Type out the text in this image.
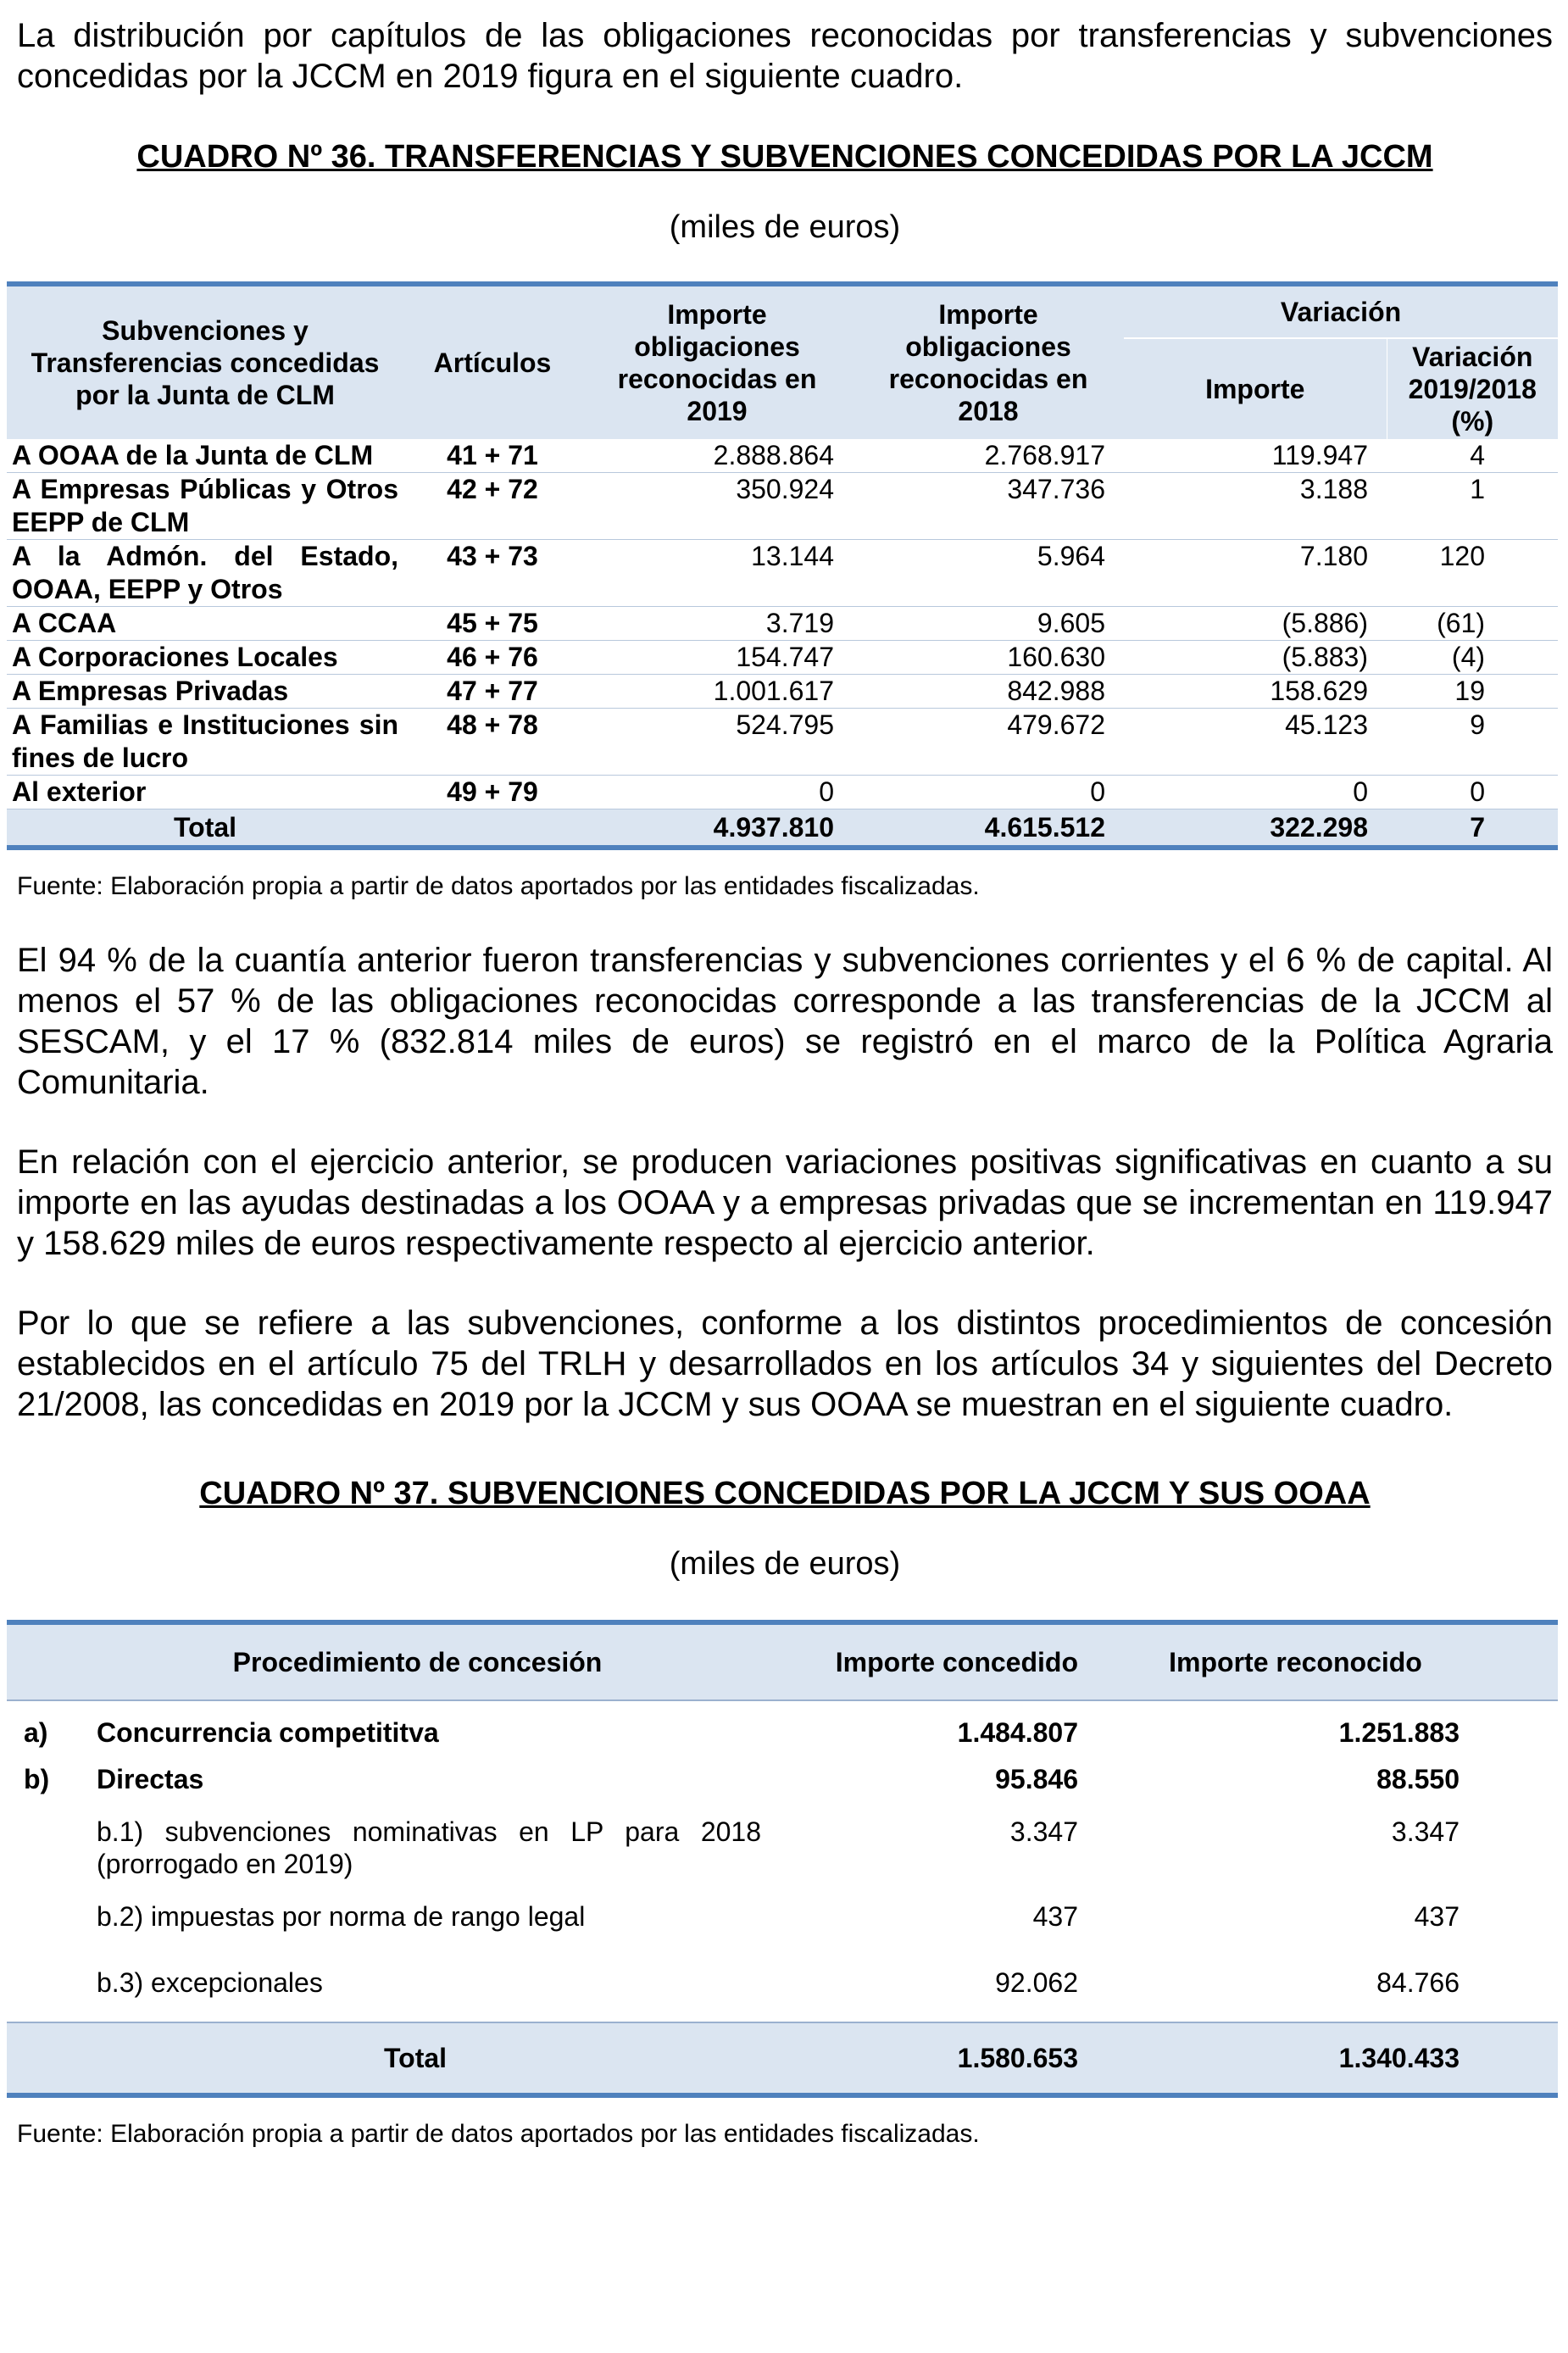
La distribución por capítulos de las obligaciones reconocidas por transferencias y subvenciones concedidas por la JCCM en 2019 figura en el siguiente cuadro.

CUADRO Nº 36. TRANSFERENCIAS Y SUBVENCIONES CONCEDIDAS POR LA JCCM

(miles de euros)

Subvenciones y Transferencias concedidas por la Junta de CLM	Artículos	Importe obligaciones reconocidas en 2019	Importe obligaciones reconocidas en 2018	Variación	
				Importe	Variación 2019/2018 (%)
A OOAA de la Junta de CLM	41 + 71	2.888.864	2.768.917	119.947	4
A Empresas Públicas y Otros EEPP de CLM	42 + 72	350.924	347.736	3.188	1
A la Admón. del Estado, OOAA, EEPP y Otros	43 + 73	13.144	5.964	7.180	120
A CCAA	45 + 75	3.719	9.605	(5.886)	(61)
A Corporaciones Locales	46 + 76	154.747	160.630	(5.883)	(4)
A Empresas Privadas	47 + 77	1.001.617	842.988	158.629	19
A Familias e Instituciones sin fines de lucro	48 + 78	524.795	479.672	45.123	9
Al exterior	49 + 79	0	0	0	0
Total		4.937.810	4.615.512	322.298	7

Fuente: Elaboración propia a partir de datos aportados por las entidades fiscalizadas.

El 94 % de la cuantía anterior fueron transferencias y subvenciones corrientes y el 6 % de capital. Al menos el 57 % de las obligaciones reconocidas corresponde a las transferencias de la JCCM al SESCAM, y el 17 % (832.814 miles de euros) se registró en el marco de la Política Agraria Comunitaria.

En relación con el ejercicio anterior, se producen variaciones positivas significativas en cuanto a su importe en las ayudas destinadas a los OOAA y a empresas privadas que se incrementan en 119.947 y 158.629 miles de euros respectivamente respecto al ejercicio anterior.

Por lo que se refiere a las subvenciones, conforme a los distintos procedimientos de concesión establecidos en el artículo 75 del TRLH y desarrollados en los artículos 34 y siguientes del Decreto 21/2008, las concedidas en 2019 por la JCCM y sus OOAA se muestran en el siguiente cuadro.

CUADRO Nº 37. SUBVENCIONES CONCEDIDAS POR LA JCCM Y SUS OOAA

(miles de euros)

Procedimiento de concesión		Importe concedido	Importe reconocido
a)	Concurrencia competititva	1.484.807	1.251.883
b)	Directas	95.846	88.550
	b.1) subvenciones nominativas en LP para 2018 (prorrogado en 2019)	3.347	3.347
	b.2) impuestas por norma de rango legal	437	437
	b.3) excepcionales	92.062	84.766
Total		1.580.653	1.340.433

Fuente: Elaboración propia a partir de datos aportados por las entidades fiscalizadas.
